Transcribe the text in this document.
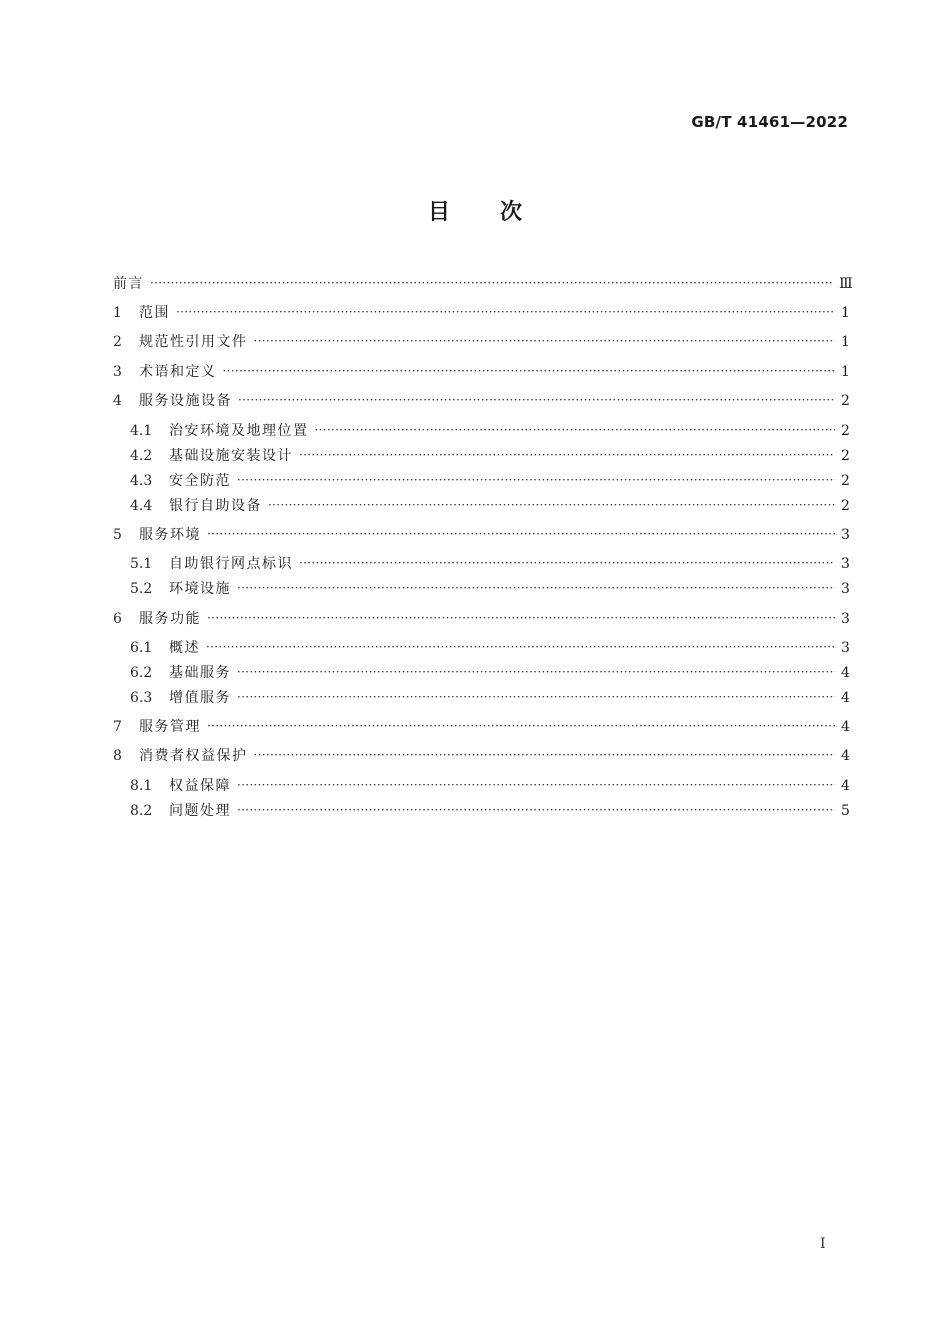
GB/T 41461—2022
目次
前言 ·····	Ⅲ
1	范围 ·····	1
2	规范性引用文件 ·····	1
3	术语和定义 ·····	1
4	服务设施设备 ·····	2
4.1	治安环境及地理位置 ·····	2
4.2	基础设施安装设计 ·····	2
4.3	安全防范 ·····	2
4.4	银行自助设备 ·····	2
5	服务环境 ·····	3
5.1	自助银行网点标识 ·····	3
5.2	环境设施 ·····	3
6	服务功能 ·····	3
6.1	概述 ·····	3
6.2	基础服务 ·····	4
6.3	增值服务 ·····	4
7	服务管理 ·····	4
8	消费者权益保护 ·····	4
8.1	权益保障 ·····	4
8.2	问题处理 ·····	5
I
